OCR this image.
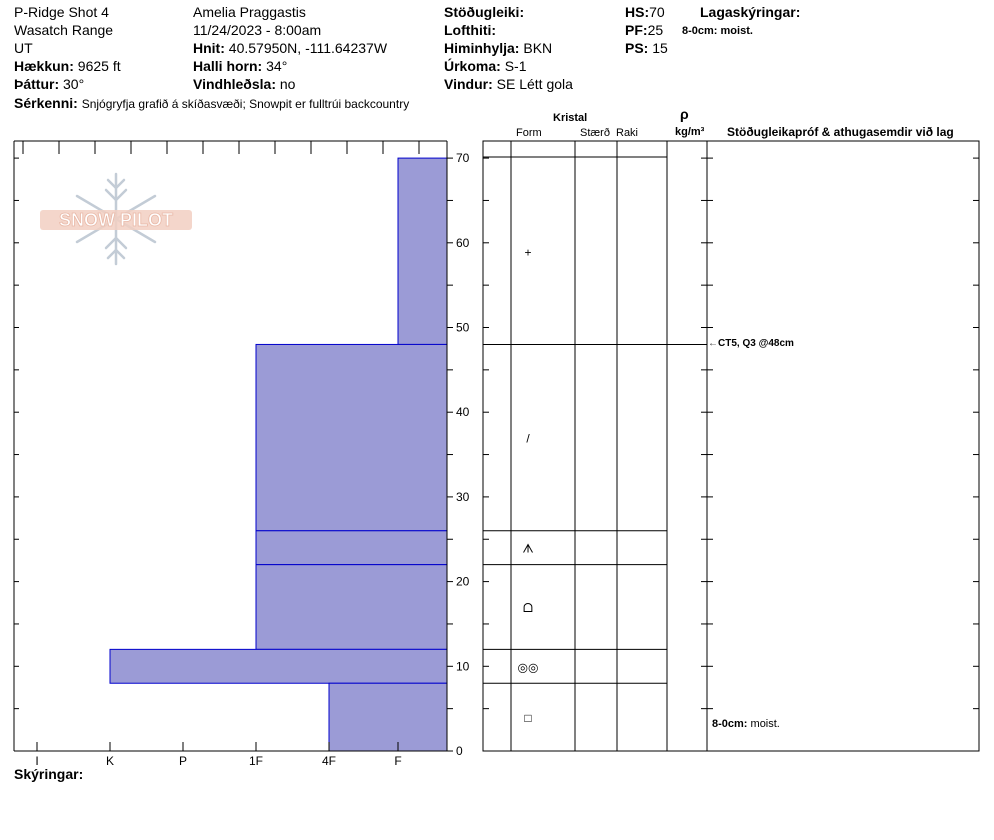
P-Ridge Shot 4
Wasatch Range
UT
Hækkun: 9625 ft
Þáttur: 30°
Sérkenni: Snjógryfja grafið á skíðasvæði; Snowpit er fulltrúi backcountry
Amelia Praggastis
11/24/2023 - 8:00am
Hnit: 40.57950N, -111.64237W
Halli horn: 34°
Vindhleðsla: no
Stöðugleiki:
Lofthiti:
Himinhylja: BKN
Úrkoma: S-1
Vindur: SE Létt gola
HS:70
PF:25
PS: 15
Lagaskýringar:
8-0cm: moist.
Kristal
Form	Stærð Raki
ρ
kg/m³ Stöðugleikapróf & athugasemdir við lag
SNOW PILOT
0
10
20
30
40
50
60
70
I	K	P	1F	4F	F
+
/
ᗑ
ᗝ
◎◎
□
←CT5, Q3 @48cm
8-0cm: moist.
Skýringar:
